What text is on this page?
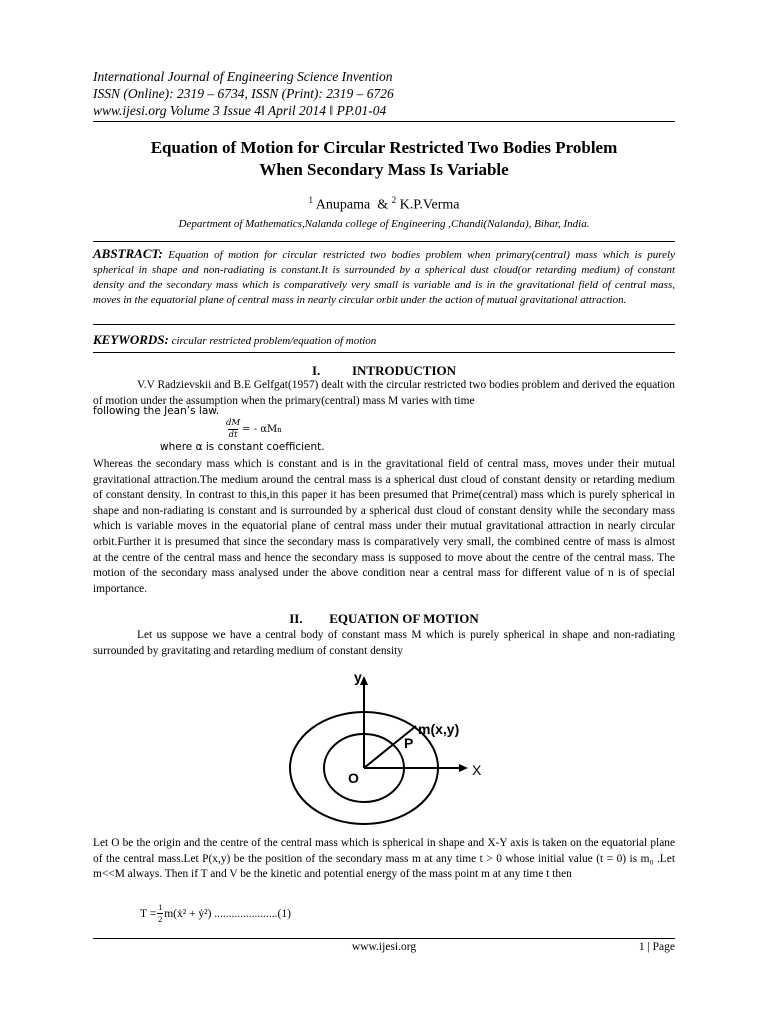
International Journal of Engineering Science Invention
ISSN (Online): 2319 – 6734, ISSN (Print): 2319 – 6726
www.ijesi.org Volume 3 Issue 4ǁ April 2014 ǁ PP.01-04
Equation of Motion for Circular Restricted Two Bodies Problem
When Secondary Mass Is Variable
$^1$ Anupama & $^2$ K.P.Verma
Department of Mathematics,Nalanda college of Engineering ,Chandi(Nalanda), Bihar, India.

ABSTRACT: Equation of motion for circular restricted two bodies problem when primary(central) mass which is purely spherical in shape and non-radiating is constant.It is surrounded by a spherical dust cloud(or retarding medium) of constant density and the secondary mass which is comparatively very small is variable and is in the gravitational field of central mass, moves in the equatorial plane of central mass in nearly circular orbit under the action of mutual gravitational attraction.

KEYWORDS: circular restricted problem/equation of motion

I. INTRODUCTION

V.V Radzievskii and B.E Gelfgat(1957) dealt with the circular restricted two bodies problem and derived the equation of motion under the assumption when the primary(central) mass M varies with time

following the Jean’s law.
$\frac{dM}{dt}$ = - αM n
where α is constant coefficient.

Whereas the secondary mass which is constant and is in the gravitational field of central mass, moves under their mutual gravitational attraction.The medium around the central mass is a spherical dust cloud of constant density or retarding medium of constant density. In contrast to this,in this paper it has been presumed that Prime(central) mass which is purely spherical in shape and non-radiating is constant and is surrounded by a spherical dust cloud of constant density while the secondary mass which is variable moves in the equatorial plane of central mass under their mutual gravitational attraction in nearly circular orbit.Further it is presumed that since the secondary mass is comparatively very small, the combined centre of mass is almost at the centre of the central mass and hence the secondary mass is supposed to move about the centre of the central mass. The motion of the secondary mass analysed under the above condition near a central mass for different value of n is of special importance.

II. EQUATION OF MOTION

Let us suppose we have a central body of constant mass M which is purely spherical in shape and non-radiating surrounded by gravitating and retarding medium of constant density

y
X
O
P
m(x,y)

Let O be the origin and the centre of the central mass which is spherical in shape and X-Y axis is taken on the equatorial plane of the central mass.Let P(x,y) be the position of the secondary mass m at any time t > 0 whose initial value (t = 0) is m₀ .Let m<<M always. Then if T and V be the kinetic and potential energy of the mass point m at any time t then

$T = \frac{1}{2}$ m(ẋ² + ẏ²) ......................(1)
www.ijesi.org	1 | Page
